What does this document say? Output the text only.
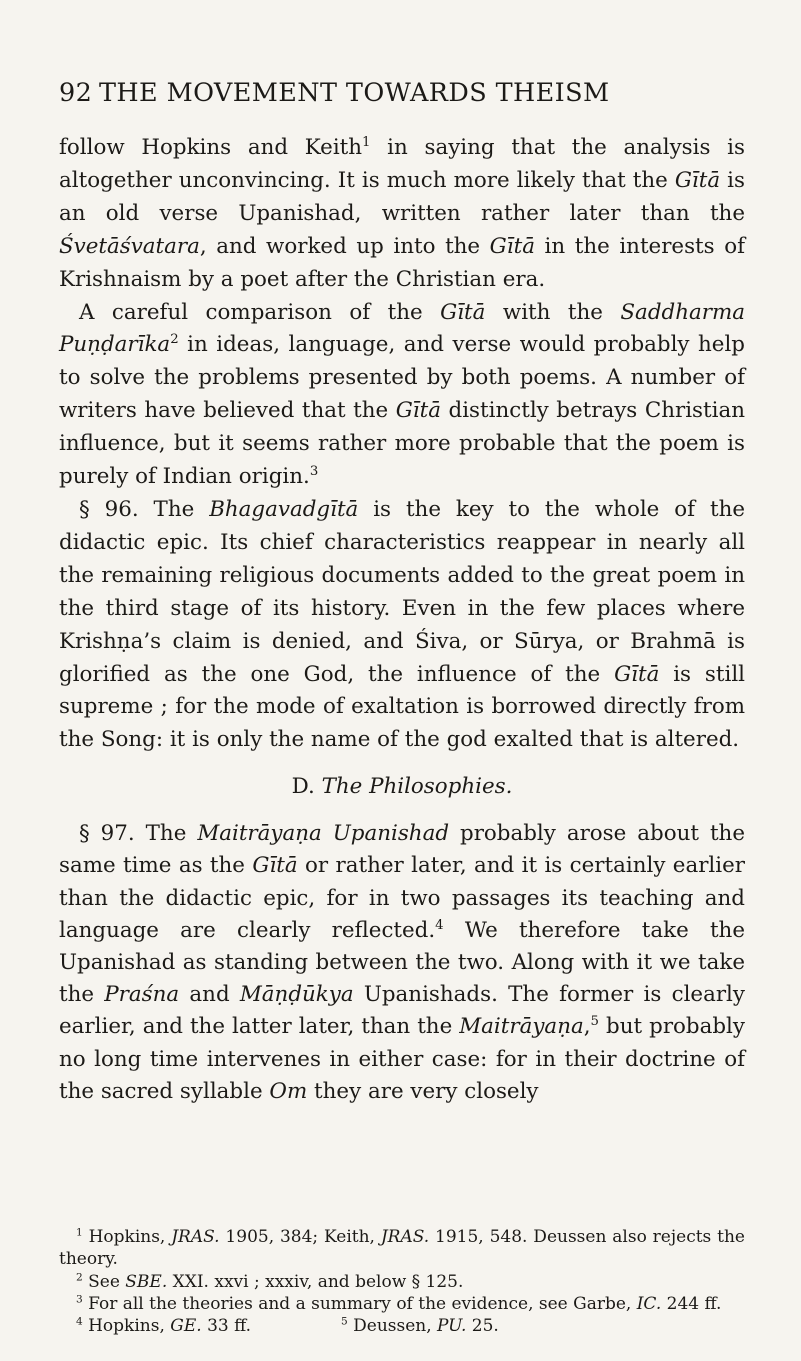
92 THE MOVEMENT TOWARDS THEISM

follow Hopkins and Keith$^1$ in saying that the analysis is altogether unconvincing. It is much more likely that the Gītā is an old verse Upanishad, written rather later than the Śvetāśvatara, and worked up into the Gītā in the interests of Krishnaism by a poet after the Christian era.

A careful comparison of the Gītā with the Saddharma Puṇḍarīka$^2$ in ideas, language, and verse would probably help to solve the problems presented by both poems. A number of writers have believed that the Gītā distinctly betrays Christian influence, but it seems rather more probable that the poem is purely of Indian origin.$^3$

§ 96. The Bhagavadgītā is the key to the whole of the didactic epic. Its chief characteristics reappear in nearly all the remaining religious documents added to the great poem in the third stage of its history. Even in the few places where Krishṇa’s claim is denied, and Śiva, or Sūrya, or Brahmā is glorified as the one God, the influence of the Gītā is still supreme ; for the mode of exaltation is borrowed directly from the Song: it is only the name of the god exalted that is altered.

D. The Philosophies.

§ 97. The Maitrāyaṇa Upanishad probably arose about the same time as the Gītā or rather later, and it is certainly earlier than the didactic epic, for in two passages its teaching and language are clearly reflected.$^4$ We therefore take the Upanishad as standing between the two. Along with it we take the Praśna and Māṇḍūkya Upanishads. The former is clearly earlier, and the latter later, than the Maitrāyaṇa,$^5$ but probably no long time intervenes in either case: for in their doctrine of the sacred syllable Om they are very closely

$^1$ Hopkins, JRAS. 1905, 384; Keith, JRAS. 1915, 548. Deussen also rejects the theory.

$^2$ See SBE. XXI. xxvi ; xxxiv, and below § 125.

$^3$ For all the theories and a summary of the evidence, see Garbe, IC. 244 ff.

$^4$ Hopkins, GE. 33 ff.	$^5$ Deussen, PU. 25.
